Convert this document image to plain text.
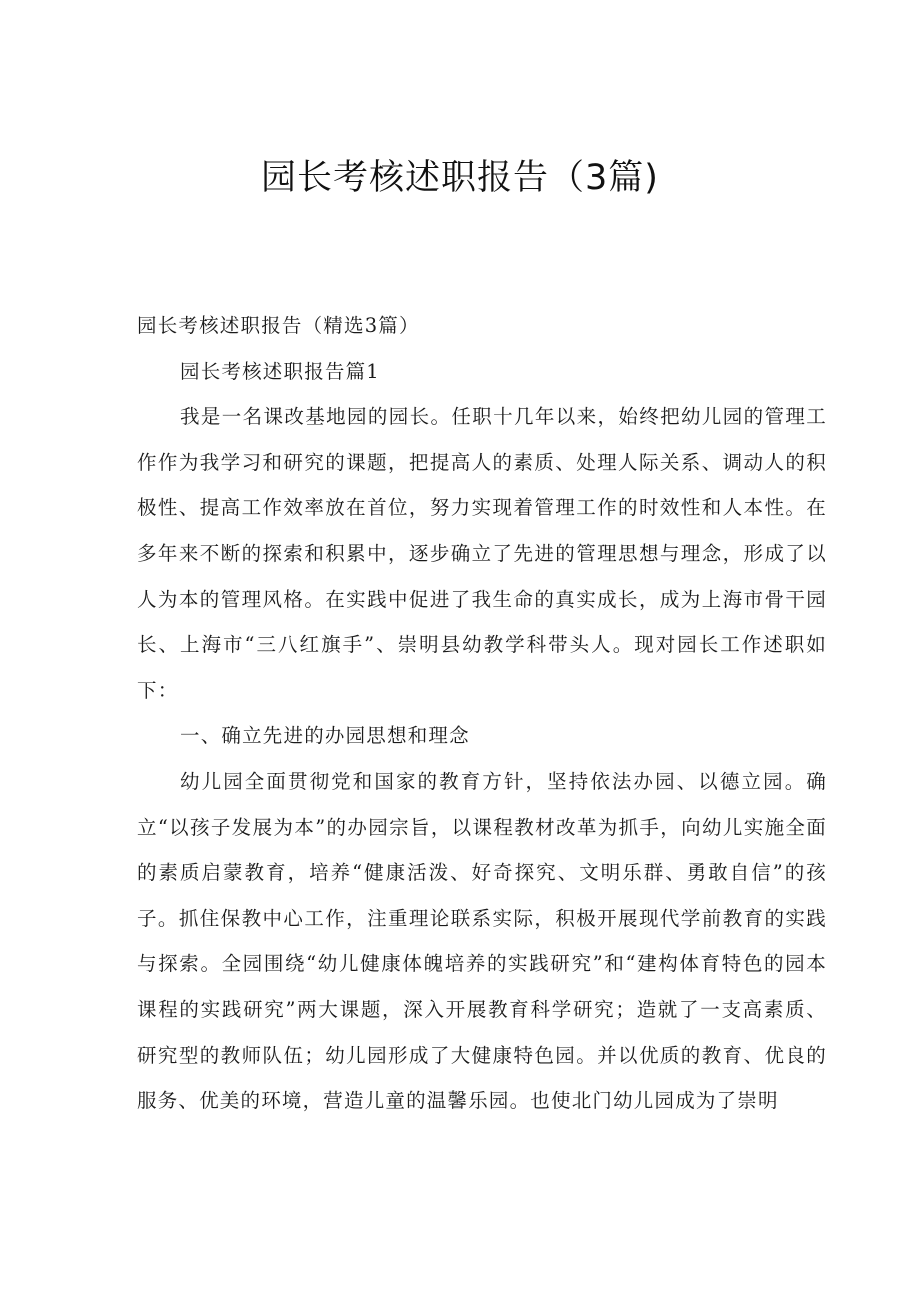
园长考核述职报告（3篇)

园长考核述职报告（精选3篇）

园长考核述职报告篇1

我是一名课改基地园的园长。任职十几年以来，始终把幼儿园的管理工作作为我学习和研究的课题，把提高人的素质、处理人际关系、调动人的积极性、提高工作效率放在首位，努力实现着管理工作的时效性和人本性。在多年来不断的探索和积累中，逐步确立了先进的管理思想与理念，形成了以人为本的管理风格。在实践中促进了我生命的真实成长，成为上海市骨干园长、上海市“三八红旗手”、崇明县幼教学科带头人。现对园长工作述职如下：

一、确立先进的办园思想和理念

幼儿园全面贯彻党和国家的教育方针，坚持依法办园、以德立园。确立“以孩子发展为本”的办园宗旨，以课程教材改革为抓手，向幼儿实施全面的素质启蒙教育，培养“健康活泼、好奇探究、文明乐群、勇敢自信”的孩子。抓住保教中心工作，注重理论联系实际，积极开展现代学前教育的实践与探索。全园围绕“幼儿健康体魄培养的实践研究”和“建构体育特色的园本课程的实践研究”两大课题，深入开展教育科学研究；造就了一支高素质、研究型的教师队伍；幼儿园形成了大健康特色园。并以优质的教育、优良的服务、优美的环境，营造儿童的温馨乐园。也使北门幼儿园成为了崇明
